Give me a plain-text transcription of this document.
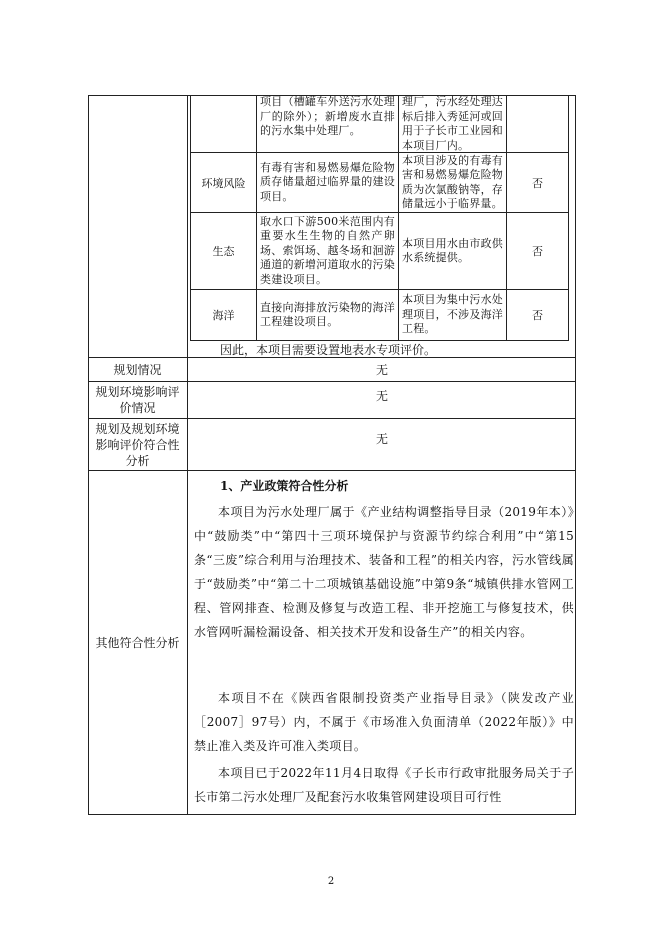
项目（槽罐车外送污水处理厂的除外）；新增废水直排的污水集中处理厂。
理厂，污水经处理达标后排入秀延河或回用于子长市工业园和本项目厂内。
环境风险
有毒有害和易燃易爆危险物质存储量超过临界量的建设项目。
本项目涉及的有毒有害和易燃易爆危险物质为次氯酸钠等，存储量远小于临界量。
否
生态
取水口下游500米范围内有重要水生生物的自然产卵场、索饵场、越冬场和洄游通道的新增河道取水的污染类建设项目。
本项目用水由市政供水系统提供。	否
海洋
直接向海排放污染物的海洋工程建设项目。
本项目为集中污水处理项目，不涉及海洋工程。
否
因此，本项目需要设置地表水专项评价。
规划情况	无
规划环境影响评价情况
无
规划及规划环境影响评价符合性分析
无
其他符合性分析
1、产业政策符合性分析
本项目为污水处理厂属于《产业结构调整指导目录（2019年本）》中“鼓励类”中“第四十三项环境保护与资源节约综合利用”中“第15条“三废”综合利用与治理技术、装备和工程”的相关内容，污水管线属于“鼓励类”中“第二十二项城镇基础设施”中第9条“城镇供排水管网工程、管网排查、检测及修复与改造工程、非开挖施工与修复技术，供水管网听漏检漏设备、相关技术开发和设备生产”的相关内容。
本项目不在《陕西省限制投资类产业指导目录》（陕发改产业［2007］97号）内，不属于《市场准入负面清单（2022年版）》中禁止准入类及许可准入类项目。
本项目已于2022年11月4日取得《子长市行政审批服务局关于子长市第二污水处理厂及配套污水收集管网建设项目可行性
2
